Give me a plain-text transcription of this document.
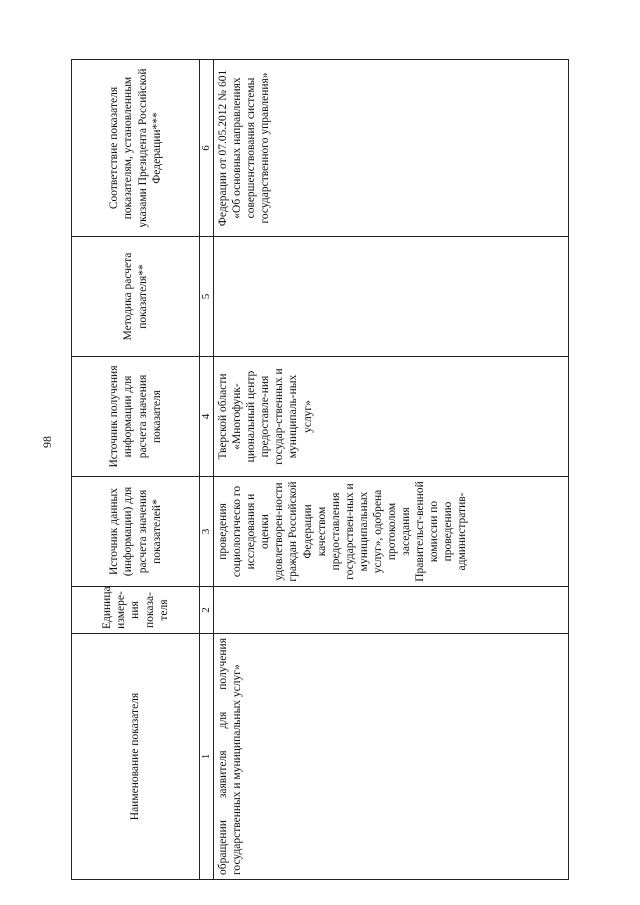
98
Наименование показателя	Единица измере-ния показа-теля	Источник данных (информации) для расчета значения показателей*	Источник получения информации для расчета значения показателя	Методика расчета показателя**	Соответствие показателя показателям, установленным указами Президента Российской Федерации***
1	2	3	4	5	6
обращении заявителя для получения государственных и муниципальных услуг»		проведения социологическо го исследования и оценки удовлетворен-ности граждан Российской Федерации качеством предоставления государствен-ных и муниципальных услуг», одобрена протоколом заседания Правительст-венной комиссии по проведению административ-	Тверской области «Многофунк-циональный центр предоставле-ния государ-ственных и муниципаль-ных услуг»		Федерации от 07.05.2012 № 601 «Об основных направлениях совершенствования системы государственного управления»
